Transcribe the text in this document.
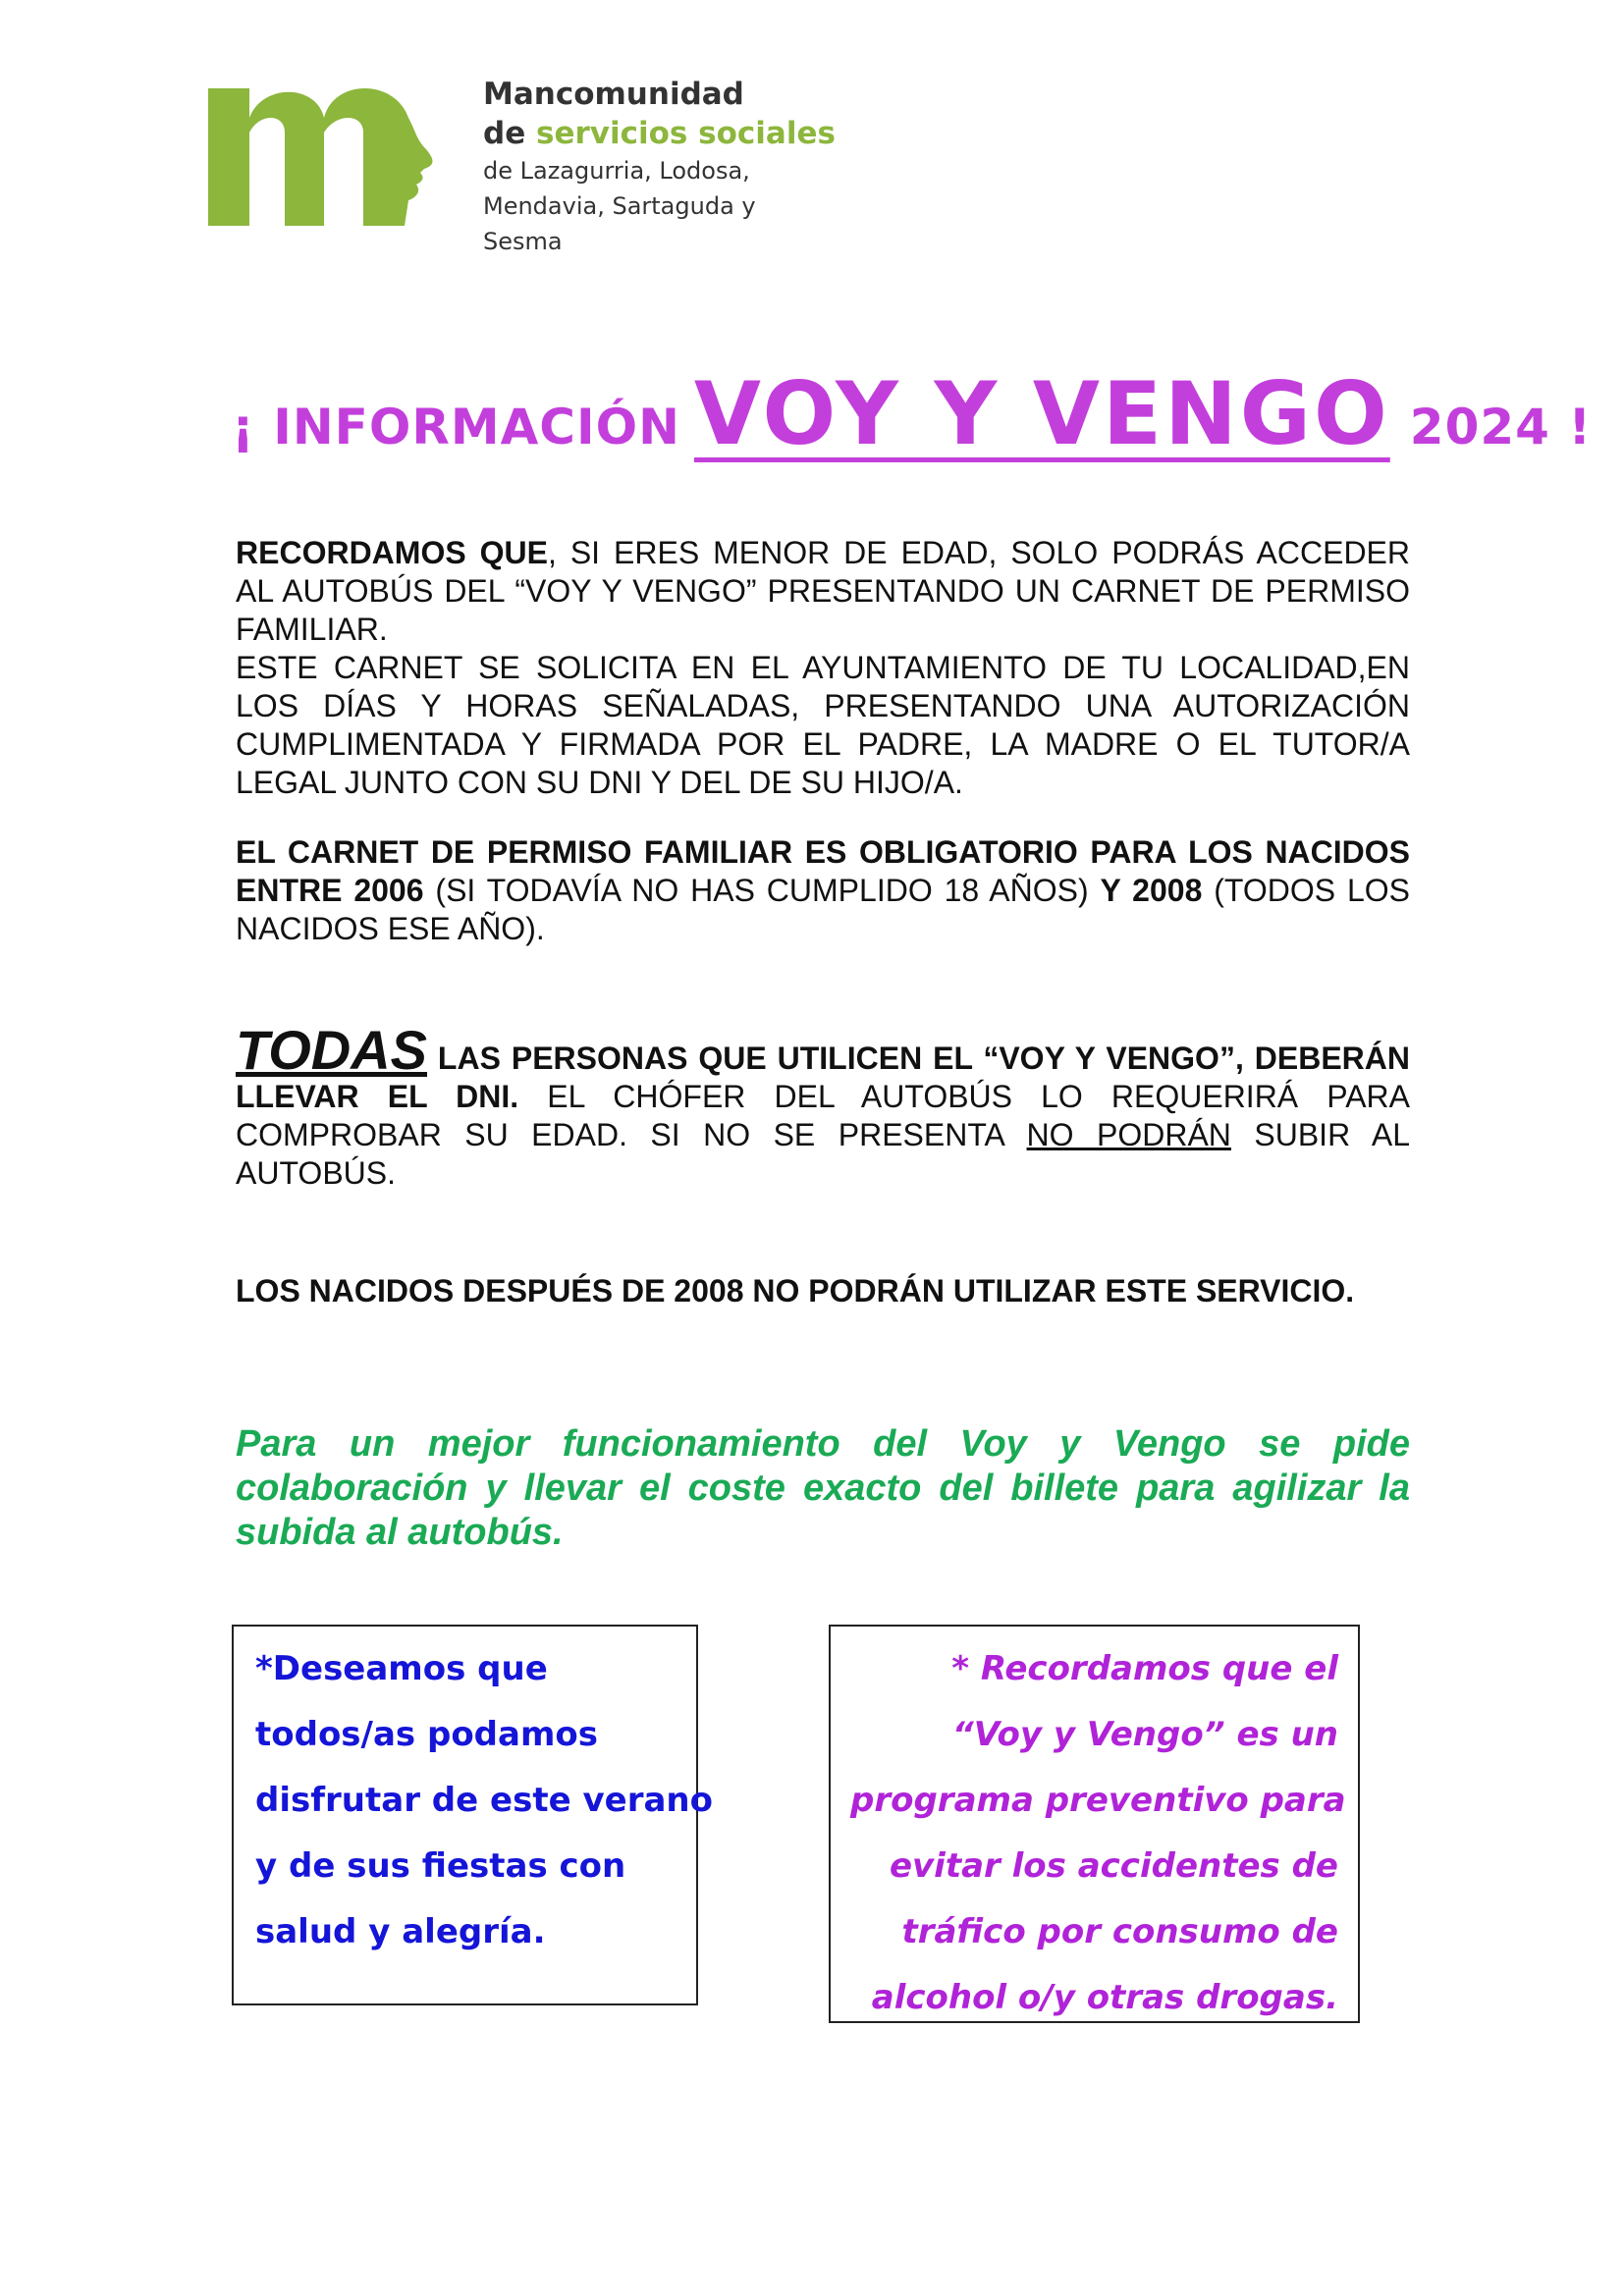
Mancomunidad
de servicios sociales
de Lazagurria, Lodosa,
Mendavia, Sartaguda y Sesma
¡ INFORMACIÓN VOY Y VENGO 2024 !
RECORDAMOS QUE, SI ERES MENOR DE EDAD, SOLO PODRÁS ACCEDER AL AUTOBÚS DEL “VOY Y VENGO” PRESENTANDO UN CARNET DE PERMISO FAMILIAR.
ESTE CARNET SE SOLICITA EN EL AYUNTAMIENTO DE TU LOCALIDAD,EN LOS DÍAS Y HORAS SEÑALADAS, PRESENTANDO UNA AUTORIZACIÓN CUMPLIMENTADA Y FIRMADA POR EL PADRE, LA MADRE O EL TUTOR/A LEGAL JUNTO CON SU DNI Y DEL DE SU HIJO/A.
EL CARNET DE PERMISO FAMILIAR ES OBLIGATORIO PARA LOS NACIDOS ENTRE 2006 (SI TODAVÍA NO HAS CUMPLIDO 18 AÑOS) Y 2008 (TODOS LOS NACIDOS ESE AÑO).
TODAS LAS PERSONAS QUE UTILICEN EL “VOY Y VENGO”, DEBERÁN LLEVAR EL DNI. EL CHÓFER DEL AUTOBÚS LO REQUERIRÁ PARA COMPROBAR SU EDAD. SI NO SE PRESENTA NO PODRÁN SUBIR AL AUTOBÚS.
LOS NACIDOS DESPUÉS DE 2008 NO PODRÁN UTILIZAR ESTE SERVICIO.
Para un mejor funcionamiento del Voy y Vengo se pide colaboración y llevar el coste exacto del billete para agilizar la subida al autobús.
*Deseamos que
todos/as podamos
disfrutar de este verano
y de sus fiestas con
salud y alegría.
* Recordamos que el
“Voy y Vengo” es un
programa preventivo para
evitar los accidentes de
tráfico por consumo de
alcohol o/y otras drogas.
